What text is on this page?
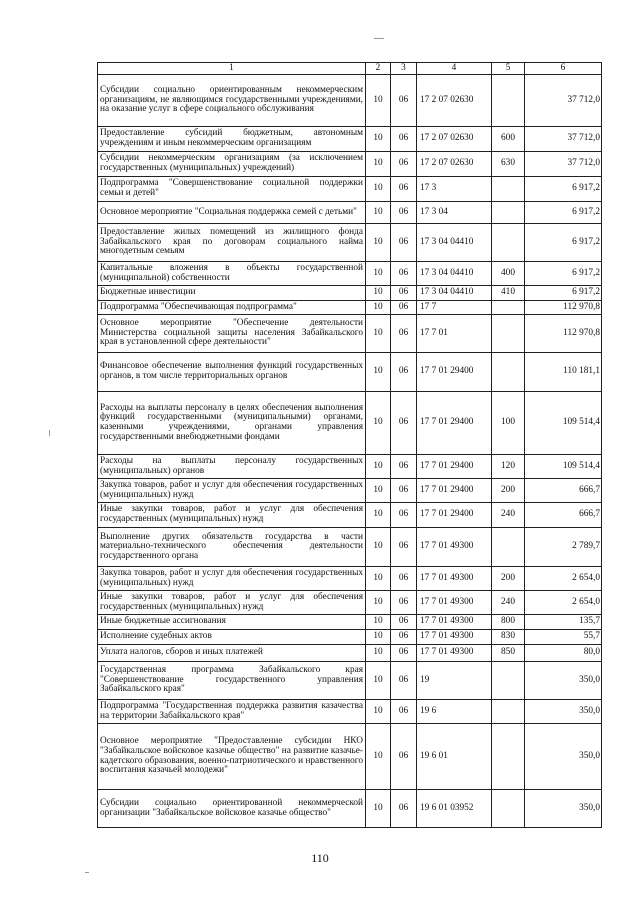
1	2	3	4	5	6
Субсидии социально ориентированным некоммерческим организациям, не являющимся государственными учреждениями, на оказание услуг в сфере социального обслуживания	10	06	17 2 07 02630		37 712,0
Предоставление субсидий бюджетным, автономным учреждениям и иным некоммерческим организациям	10	06	17 2 07 02630	600	37 712,0
Субсидии некоммерческим организациям (за исключением государственных (муниципальных) учреждений)	10	06	17 2 07 02630	630	37 712,0
Подпрограмма "Совершенствование социальной поддержки семьи и детей"	10	06	17 3		6 917,2
Основное мероприятие "Социальная поддержка семей с детьми"	10	06	17 3 04		6 917,2
Предоставление жилых помещений из жилищного фонда Забайкальского края по договорам социального найма многодетным семьям	10	06	17 3 04 04410		6 917,2
Капитальные вложения в объекты государственной (муниципальной) собственности	10	06	17 3 04 04410	400	6 917,2
Бюджетные инвестиции	10	06	17 3 04 04410	410	6 917,2
Подпрограмма "Обеспечивающая подпрограмма"	10	06	17 7		112 970,8
Основное мероприятие "Обеспечение деятельности Министерства социальной защиты населения Забайкальского края в установленной сфере деятельности"	10	06	17 7 01		112 970,8
Финансовое обеспечение выполнения функций государственных органов, в том числе территориальных органов	10	06	17 7 01 29400		110 181,1
Расходы на выплаты персоналу в целях обеспечения выполнения функций государственными (муниципальными) органами, казенными учреждениями, органами управления государственными внебюджетными фондами	10	06	17 7 01 29400	100	109 514,4
Расходы на выплаты персоналу государственных (муниципальных) органов	10	06	17 7 01 29400	120	109 514,4
Закупка товаров, работ и услуг для обеспечения государственных (муниципальных) нужд	10	06	17 7 01 29400	200	666,7
Иные закупки товаров, работ и услуг для обеспечения государственных (муниципальных) нужд	10	06	17 7 01 29400	240	666,7
Выполнение других обязательств государства в части материально-технического обеспечения деятельности государственного органа	10	06	17 7 01 49300		2 789,7
Закупка товаров, работ и услуг для обеспечения государственных (муниципальных) нужд	10	06	17 7 01 49300	200	2 654,0
Иные закупки товаров, работ и услуг для обеспечения государственных (муниципальных) нужд	10	06	17 7 01 49300	240	2 654,0
Иные бюджетные ассигнования	10	06	17 7 01 49300	800	135,7
Исполнение судебных актов	10	06	17 7 01 49300	830	55,7
Уплата налогов, сборов и иных платежей	10	06	17 7 01 49300	850	80,0
Государственная программа Забайкальского края "Совершенствование государственного управления Забайкальского края"	10	06	19		350,0
Подпрограмма "Государственная поддержка развития казачества на территории Забайкальского края"	10	06	19 6		350,0
Основное мероприятие "Предоставление субсидии НКО "Забайкальское войсковое казачье общество" на развитие казачье-кадетского образования, военно-патриотического и нравственного воспитания казачьей молодежи"	10	06	19 6 01		350,0
Субсидии социально ориентированной некоммерческой организации "Забайкальское войсковое казачье общество"	10	06	19 6 01 03952		350,0
110
